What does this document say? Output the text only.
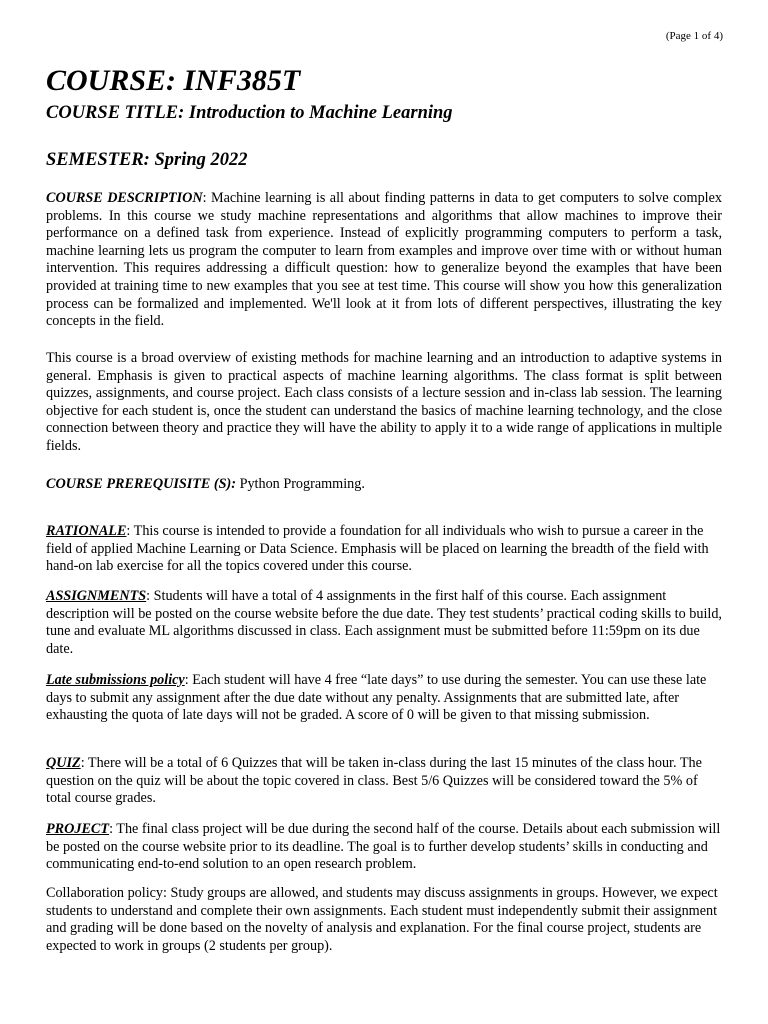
(Page 1 of 4)
COURSE: INF385T
COURSE TITLE: Introduction to Machine Learning
SEMESTER: Spring 2022

COURSE DESCRIPTION: Machine learning is all about finding patterns in data to get computers to solve complex problems. In this course we study machine representations and algorithms that allow machines to improve their performance on a defined task from experience. Instead of explicitly programming computers to perform a task, machine learning lets us program the computer to learn from examples and improve over time with or without human intervention. This requires addressing a difficult question: how to generalize beyond the examples that have been provided at training time to new examples that you see at test time. This course will show you how this generalization process can be formalized and implemented. We'll look at it from lots of different perspectives, illustrating the key concepts in the field.

This course is a broad overview of existing methods for machine learning and an introduction to adaptive systems in general. Emphasis is given to practical aspects of machine learning algorithms. The class format is split between quizzes, assignments, and course project. Each class consists of a lecture session and in-class lab session. The learning objective for each student is, once the student can understand the basics of machine learning technology, and the close connection between theory and practice they will have the ability to apply it to a wide range of applications in multiple fields.

COURSE PREREQUISITE (S): Python Programming.

RATIONALE: This course is intended to provide a foundation for all individuals who wish to pursue a career in the field of applied Machine Learning or Data Science. Emphasis will be placed on learning the breadth of the field with hand-on lab exercise for all the topics covered under this course.

ASSIGNMENTS: Students will have a total of 4 assignments in the first half of this course. Each assignment description will be posted on the course website before the due date. They test students’ practical coding skills to build, tune and evaluate ML algorithms discussed in class. Each assignment must be submitted before 11:59pm on its due date.

Late submissions policy: Each student will have 4 free “late days” to use during the semester. You can use these late days to submit any assignment after the due date without any penalty. Assignments that are submitted late, after exhausting the quota of late days will not be graded. A score of 0 will be given to that missing submission.

QUIZ: There will be a total of 6 Quizzes that will be taken in-class during the last 15 minutes of the class hour. The question on the quiz will be about the topic covered in class. Best 5/6 Quizzes will be considered toward the 5% of total course grades.

PROJECT: The final class project will be due during the second half of the course. Details about each submission will be posted on the course website prior to its deadline. The goal is to further develop students’ skills in conducting and communicating end-to-end solution to an open research problem.

Collaboration policy: Study groups are allowed, and students may discuss assignments in groups. However, we expect students to understand and complete their own assignments. Each student must independently submit their assignment and grading will be done based on the novelty of analysis and explanation. For the final course project, students are expected to work in groups (2 students per group).
